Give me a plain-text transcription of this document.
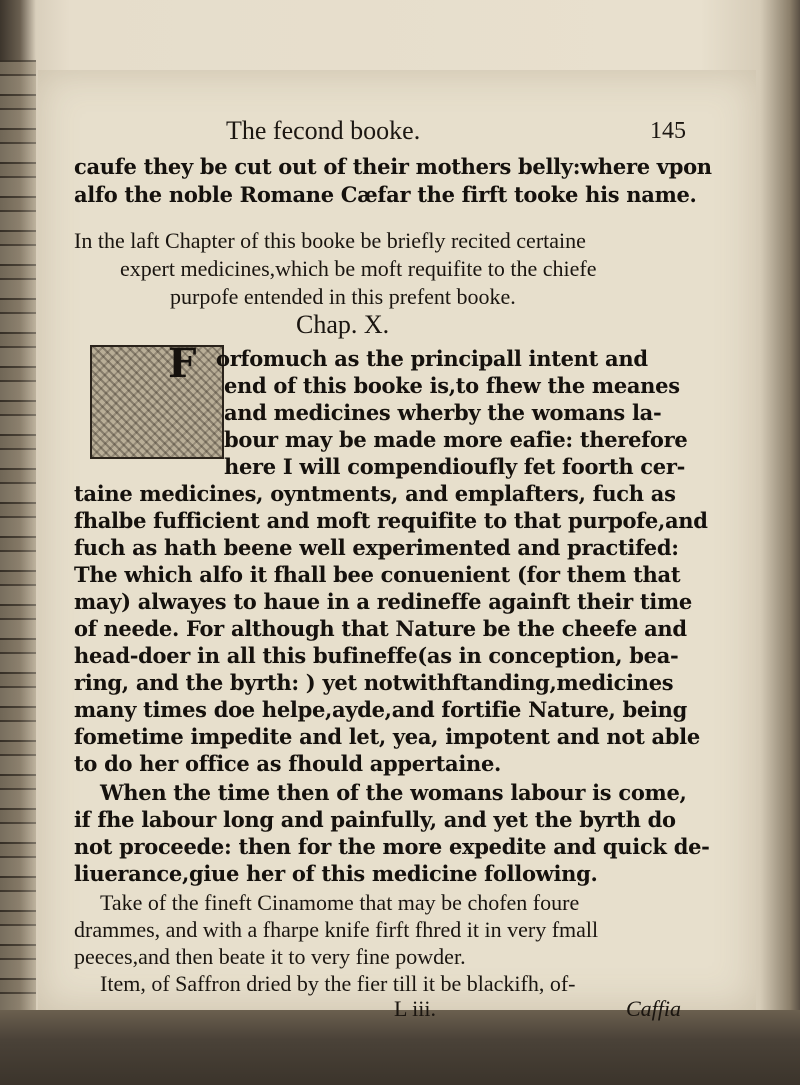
The fecond booke.	145
caufe they be cut out of their mothers belly:where vpon
alfo the noble Romane Cæfar the firft tooke his name.
In the laft Chapter of this booke be briefly recited certaine
expert medicines,which be moft requifite to the chiefe
purpofe entended in this prefent booke.
Chap. X.
F orfomuch as the principall intent and
end of this booke is,to fhew the meanes
and medicines wherby the womans la-
bour may be made more eafie: therefore
here I will compendioufly fet foorth cer-
taine medicines, oyntments, and emplafters, fuch as
fhalbe fufficient and moft requifite to that purpofe,and
fuch as hath beene well experimented and practifed:
The which alfo it fhall bee conuenient (for them that
may) alwayes to haue in a redineffe againft their time
of neede. For although that Nature be the cheefe and
head-doer in all this bufineffe(as in conception, bea-
ring, and the byrth: ) yet notwithftanding,medicines
many times doe helpe,ayde,and fortifie Nature, being
fometime impedite and let, yea, impotent and not able
to do her office as fhould appertaine.
When the time then of the womans labour is come,
if fhe labour long and painfully, and yet the byrth do
not proceede: then for the more expedite and quick de-
liuerance,giue her of this medicine following.
Take of the fineft Cinamome that may be chofen foure
drammes, and with a fharpe knife firft fhred it in very fmall
peeces,and then beate it to very fine powder.
Item, of Saffron dried by the fier till it be blackifh, of-
L iii.	Caffia
